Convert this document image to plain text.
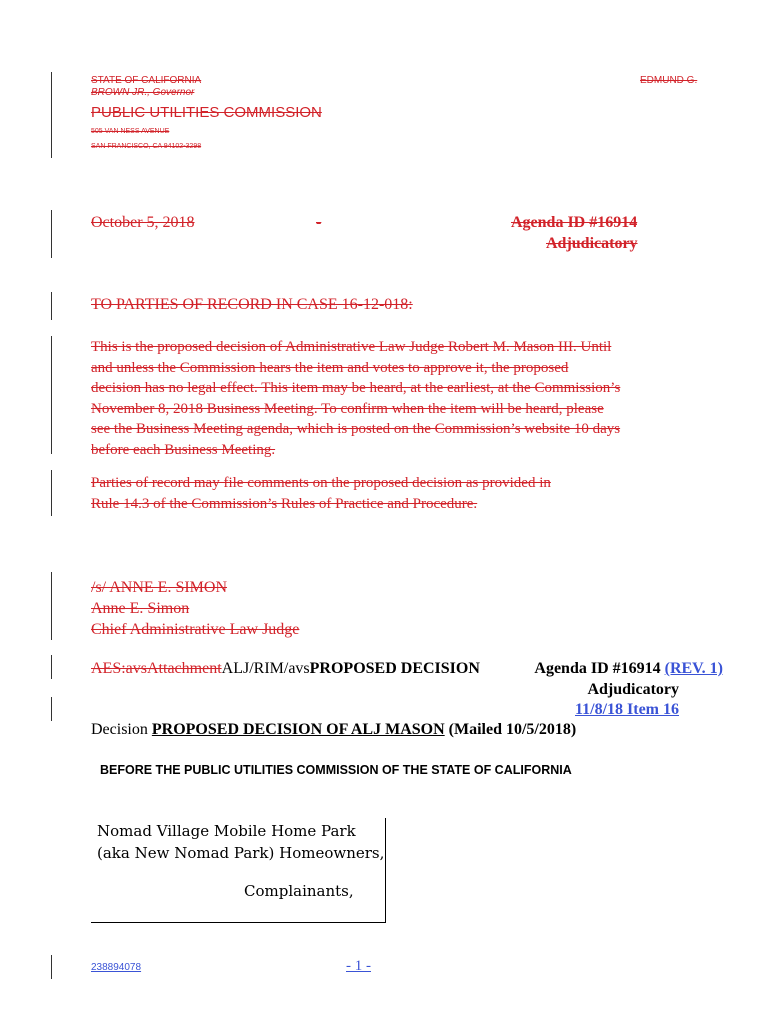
STATE OF CALIFORNIA
BROWN JR., Governor
EDMUND G.
PUBLIC UTILITIES COMMISSION
505 VAN NESS AVENUE
SAN FRANCISCO, CA 94102-3298
October 5, 2018	-	Agenda ID #16914
Adjudicatory
TO PARTIES OF RECORD IN CASE 16-12-018:
This is the proposed decision of Administrative Law Judge Robert M. Mason III. Until
and unless the Commission hears the item and votes to approve it, the proposed
decision has no legal effect. This item may be heard, at the earliest, at the Commission’s
November 8, 2018 Business Meeting. To confirm when the item will be heard, please
see the Business Meeting agenda, which is posted on the Commission’s website 10 days
before each Business Meeting.
Parties of record may file comments on the proposed decision as provided in
Rule 14.3 of the Commission’s Rules of Practice and Procedure.
/s/ ANNE E. SIMON
Anne E. Simon
Chief Administrative Law Judge
AES:avsAttachmentALJ/RIM/avsPROPOSED DECISION	Agenda ID #16914 (REV. 1)
Adjudicatory
11/8/18 Item 16
Decision PROPOSED DECISION OF ALJ MASON (Mailed 10/5/2018)
BEFORE THE PUBLIC UTILITIES COMMISSION OF THE STATE OF CALIFORNIA
Nomad Village Mobile Home Park
(aka New Nomad Park) Homeowners,
Complainants,
238894078	- 1 -
